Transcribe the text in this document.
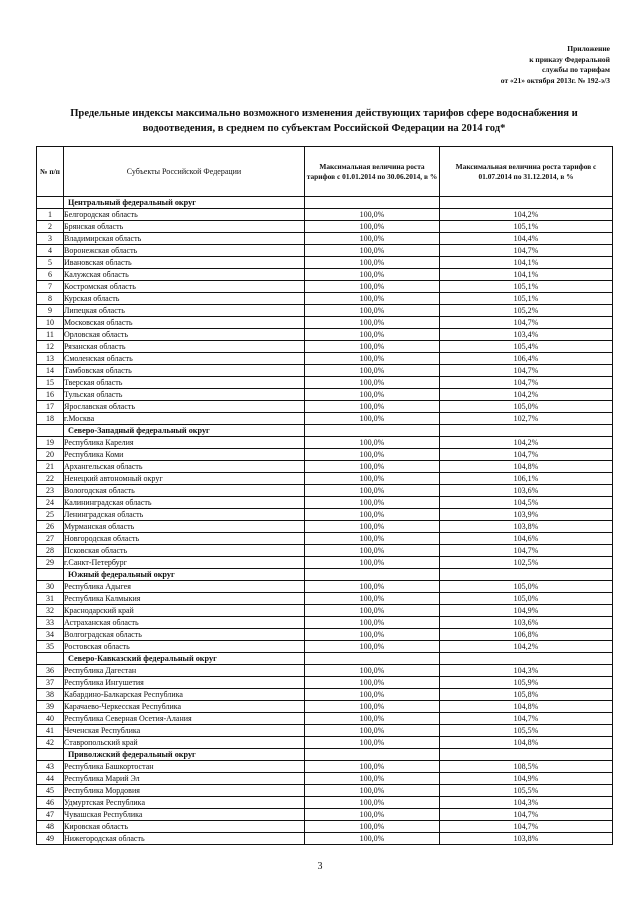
Приложение
к приказу Федеральной
службы по тарифам
от «21» октября 2013г. № 192-э/3
Предельные индексы максимально возможного изменения действующих тарифов сфере водоснабжения и водоотведения, в среднем по субъектам Российской Федерации на 2014 год*
№ п/п	Субъекты Российской Федерации	Максимальная величина роста тарифов с 01.01.2014 по 30.06.2014, в %	Максимальная величина роста тарифов с 01.07.2014 по 31.12.2014, в %
	Центральный федеральный округ		
1	Белгородская область	100,0%	104,2%
2	Брянская область	100,0%	105,1%
3	Владимирская область	100,0%	104,4%
4	Воронежская область	100,0%	104,7%
5	Ивановская область	100,0%	104,1%
6	Калужская область	100,0%	104,1%
7	Костромская область	100,0%	105,1%
8	Курская область	100,0%	105,1%
9	Липецкая область	100,0%	105,2%
10	Московская область	100,0%	104,7%
11	Орловская область	100,0%	103,4%
12	Рязанская область	100,0%	105,4%
13	Смоленская область	100,0%	106,4%
14	Тамбовская область	100,0%	104,7%
15	Тверская область	100,0%	104,7%
16	Тульская область	100,0%	104,2%
17	Ярославская область	100,0%	105,0%
18	г.Москва	100,0%	102,7%
	Северо-Западный федеральный округ		
19	Республика Карелия	100,0%	104,2%
20	Республика Коми	100,0%	104,7%
21	Архангельская область	100,0%	104,8%
22	Ненецкий автономный округ	100,0%	106,1%
23	Вологодская область	100,0%	103,6%
24	Калининградская область	100,0%	104,5%
25	Ленинградская область	100,0%	103,9%
26	Мурманская область	100,0%	103,8%
27	Новгородская область	100,0%	104,6%
28	Псковская область	100,0%	104,7%
29	г.Санкт-Петербург	100,0%	102,5%
	Южный федеральный округ		
30	Республика Адыгея	100,0%	105,0%
31	Республика Калмыкия	100,0%	105,0%
32	Краснодарский край	100,0%	104,9%
33	Астраханская область	100,0%	103,6%
34	Волгоградская область	100,0%	106,8%
35	Ростовская область	100,0%	104,2%
	Северо-Кавказский федеральный округ		
36	Республика Дагестан	100,0%	104,3%
37	Республика Ингушетия	100,0%	105,9%
38	Кабардино-Балкарская Республика	100,0%	105,8%
39	Карачаево-Черкесская Республика	100,0%	104,8%
40	Республика Северная Осетия-Алания	100,0%	104,7%
41	Чеченская Республика	100,0%	105,5%
42	Ставропольский край	100,0%	104,8%
	Приволжский федеральный округ		
43	Республика Башкортостан	100,0%	108,5%
44	Республика Марий Эл	100,0%	104,9%
45	Республика Мордовия	100,0%	105,5%
46	Удмуртская Республика	100,0%	104,3%
47	Чувашская Республика	100,0%	104,7%
48	Кировская область	100,0%	104,7%
49	Нижегородская область	100,0%	103,8%
3
